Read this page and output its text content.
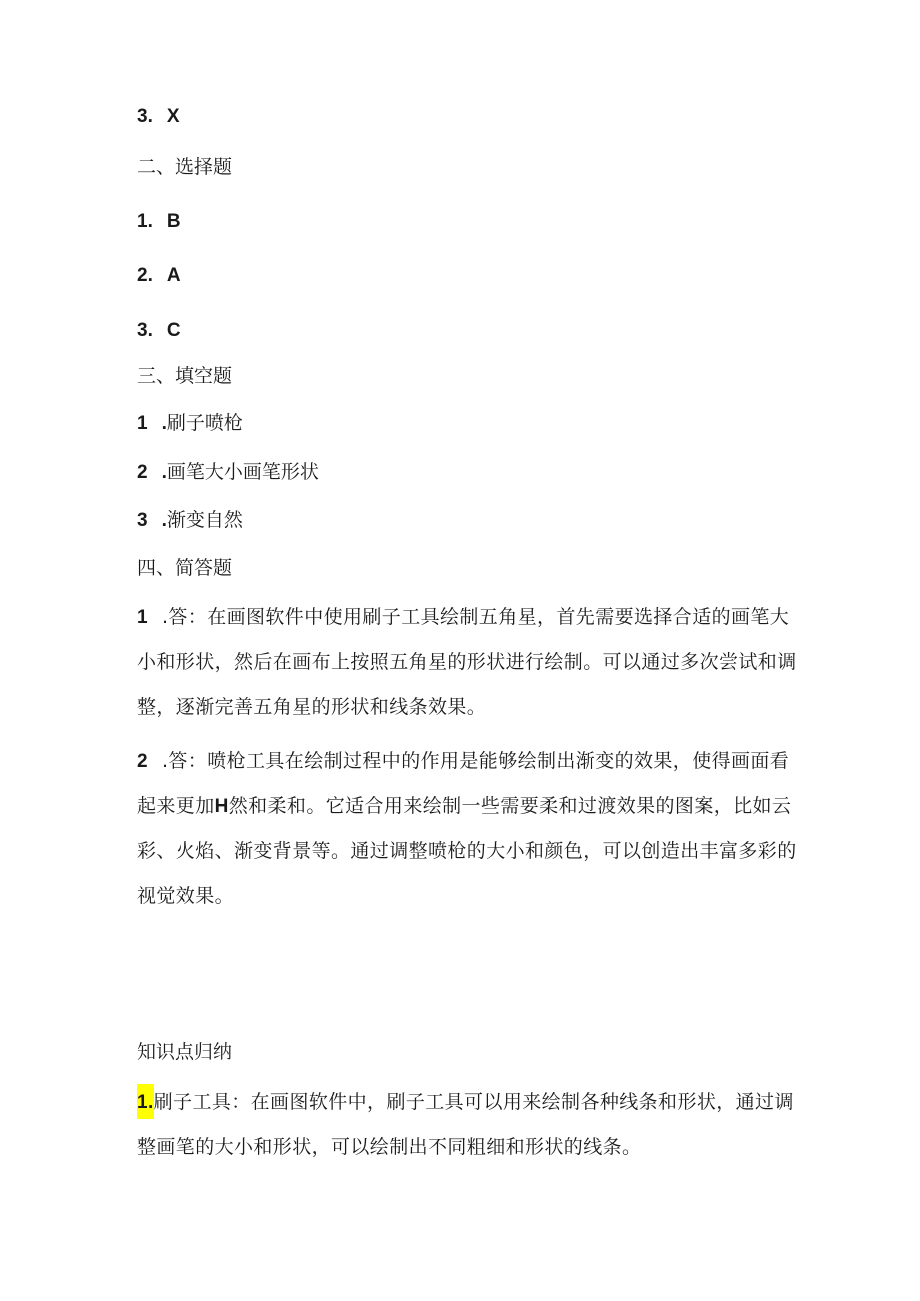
3. X
二、选择题
1. B
2. A
3. C
三、填空题
1 .刷子喷枪
2 .画笔大小画笔形状
3 .渐变自然
四、简答题
1 .答：在画图软件中使用刷子工具绘制五角星，首先需要选择合适的画笔大小和形状，然后在画布上按照五角星的形状进行绘制。可以通过多次尝试和调整，逐渐完善五角星的形状和线条效果。
2 .答：喷枪工具在绘制过程中的作用是能够绘制出渐变的效果，使得画面看起来更加H然和柔和。它适合用来绘制一些需要柔和过渡效果的图案，比如云彩、火焰、渐变背景等。通过调整喷枪的大小和颜色，可以创造出丰富多彩的视觉效果。
知识点归纳
1.刷子工具：在画图软件中，刷子工具可以用来绘制各种线条和形状，通过调整画笔的大小和形状，可以绘制出不同粗细和形状的线条。
